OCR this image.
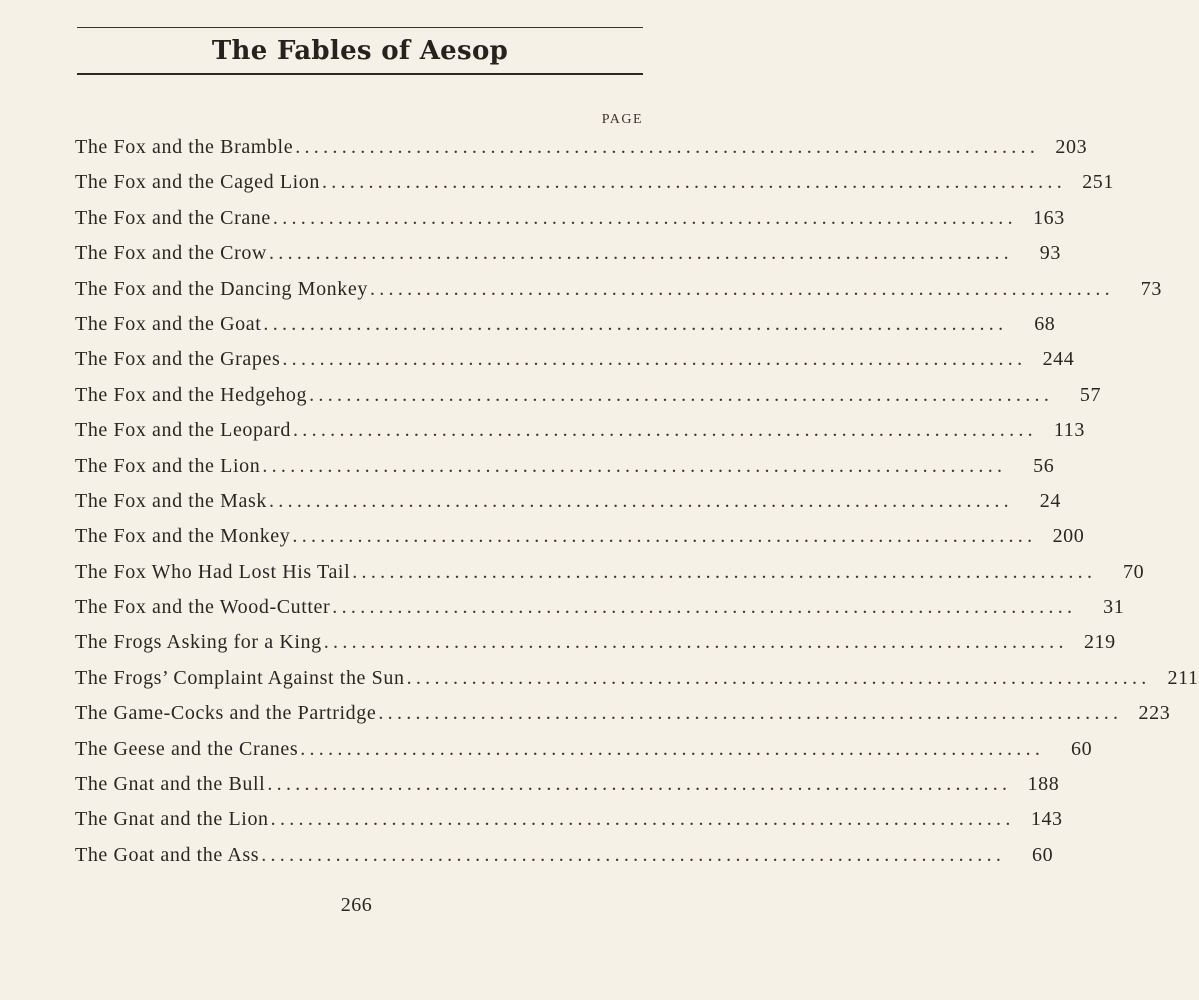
The Fables of Aesop
PAGE
The Fox and the Bramble ................................................................................ 203
The Fox and the Caged Lion ................................................................................ 251
The Fox and the Crane ................................................................................ 163
The Fox and the Crow ................................................................................	93
The Fox and the Dancing Monkey ................................................................................	73
The Fox and the Goat ................................................................................	68
The Fox and the Grapes ................................................................................ 244
The Fox and the Hedgehog ................................................................................	57
The Fox and the Leopard ................................................................................ 113
The Fox and the Lion ................................................................................	56
The Fox and the Mask ................................................................................	24
The Fox and the Monkey ................................................................................ 200
The Fox Who Had Lost His Tail ................................................................................	70
The Fox and the Wood-Cutter ................................................................................	31
The Frogs Asking for a King ................................................................................ 219
The Frogs’ Complaint Against the Sun ................................................................................ 211
The Game-Cocks and the Partridge ................................................................................ 223
The Geese and the Cranes ................................................................................	60
The Gnat and the Bull ................................................................................ 188
The Gnat and the Lion ................................................................................ 143
The Goat and the Ass ................................................................................	60
266
